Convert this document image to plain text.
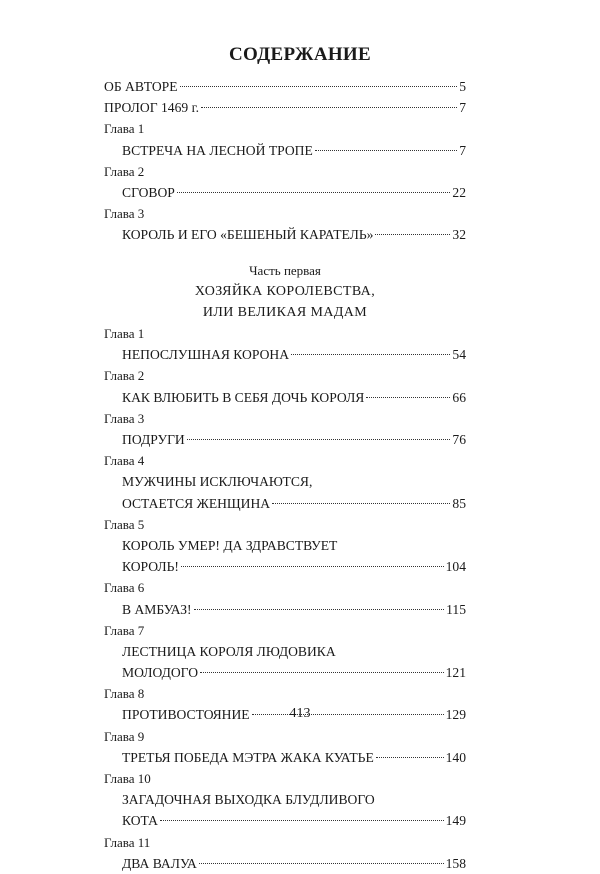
СОДЕРЖАНИЕ
ОБ АВТОРЕ	5
ПРОЛОГ 1469 г.	7
Глава 1
ВСТРЕЧА НА ЛЕСНОЙ ТРОПЕ	7
Глава 2
СГОВОР	22
Глава 3
КОРОЛЬ И ЕГО «БЕШЕНЫЙ КАРАТЕЛЬ»	32
Часть первая
ХОЗЯЙКА КОРОЛЕВСТВА,
ИЛИ ВЕЛИКАЯ МАДАМ
Глава 1
НЕПОСЛУШНАЯ КОРОНА	54
Глава 2
КАК ВЛЮБИТЬ В СЕБЯ ДОЧЬ КОРОЛЯ	66
Глава 3
ПОДРУГИ	76
Глава 4
МУЖЧИНЫ ИСКЛЮЧАЮТСЯ,
ОСТАЕТСЯ ЖЕНЩИНА	85
Глава 5
КОРОЛЬ УМЕР! ДА ЗДРАВСТВУЕТ
КОРОЛЬ!	104
Глава 6
В АМБУАЗ!	115
Глава 7
ЛЕСТНИЦА КОРОЛЯ ЛЮДОВИКА
МОЛОДОГО	121
Глава 8
ПРОТИВОСТОЯНИЕ	129
Глава 9
ТРЕТЬЯ ПОБЕДА МЭТРА ЖАКА КУАТЬЕ	140
Глава 10
ЗАГАДОЧНАЯ ВЫХОДКА БЛУДЛИВОГО
КОТА	149
Глава 11
ДВА ВАЛУА	158
413
